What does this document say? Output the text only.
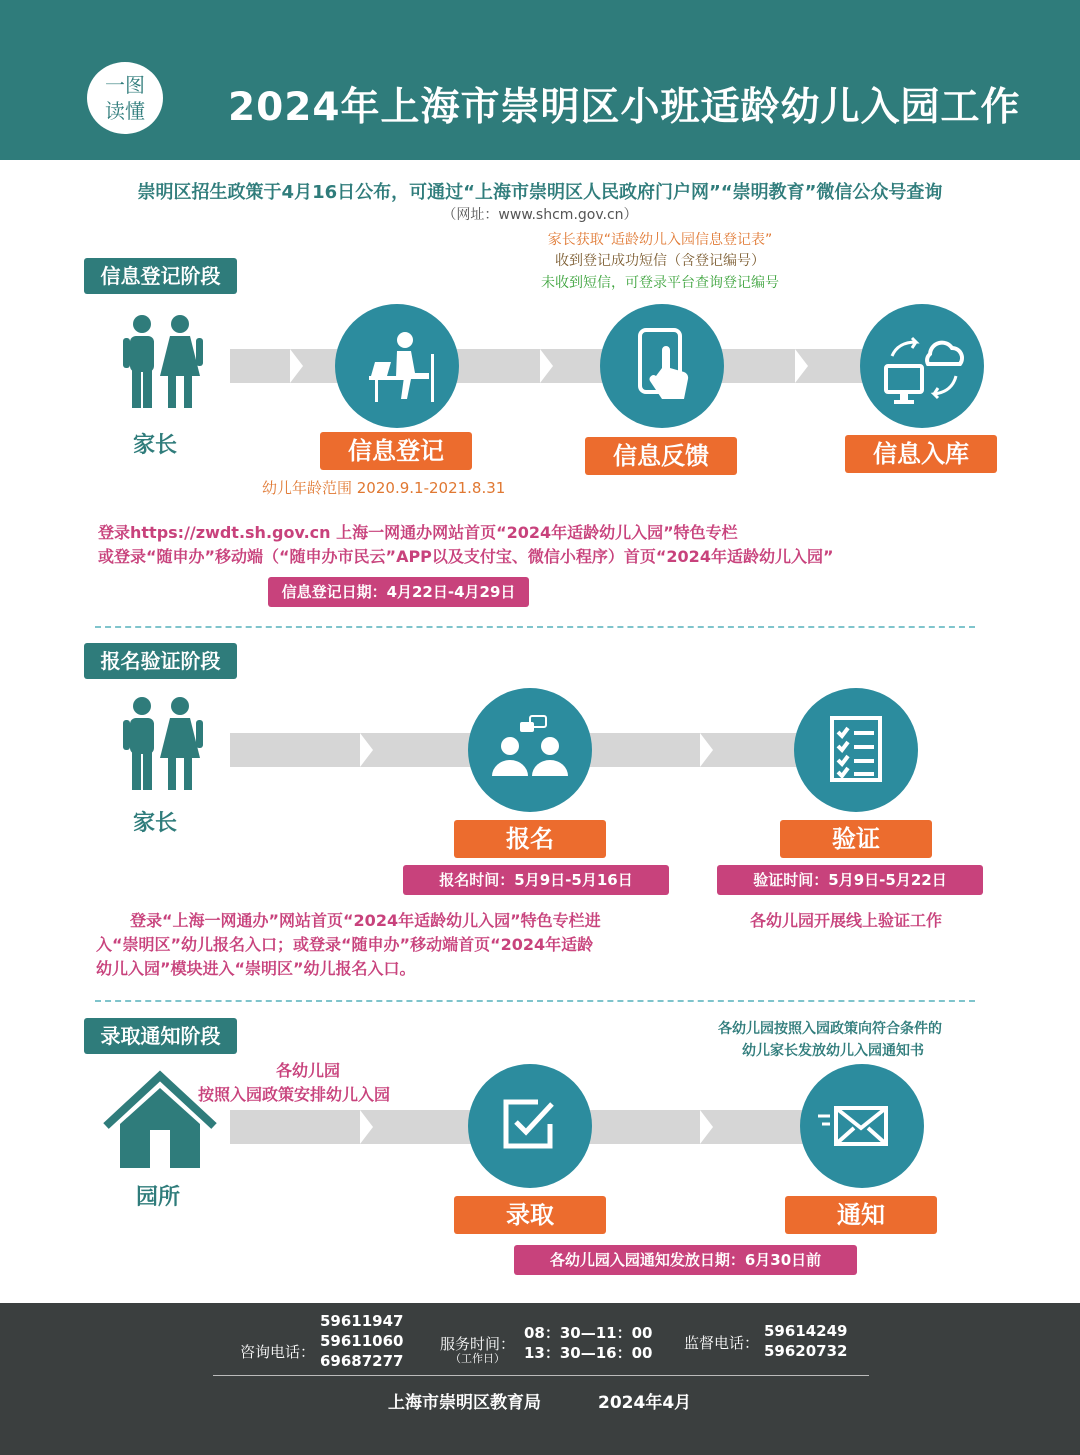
一图
读懂	2024年上海市崇明区小班适龄幼儿入园工作
崇明区招生政策于4月16日公布，可通过“上海市崇明区人民政府门户网”“崇明教育”微信公众号查询
（网址：www.shcm.gov.cn）
家长获取“适龄幼儿入园信息登记表”
收到登记成功短信（含登记编号）
未收到短信，可登录平台查询登记编号
信息登记阶段
家长	信息登记	信息反馈	信息入库
幼儿年龄范围 2020.9.1-2021.8.31
登录https://zwdt.sh.gov.cn 上海一网通办网站首页“2024年适龄幼儿入园”特色专栏
或登录“随申办”移动端（“随申办市民云”APP以及支付宝、微信小程序）首页“2024年适龄幼儿入园”
信息登记日期：4月22日-4月29日
报名验证阶段
家长
报名	验证
报名时间：5月9日-5月16日	验证时间：5月9日-5月22日
登录“上海一网通办”网站首页“2024年适龄幼儿入园”特色专栏进
入“崇明区”幼儿报名入口；或登录“随申办”移动端首页“2024年适龄
幼儿入园”模块进入“崇明区”幼儿报名入口。
各幼儿园开展线上验证工作
录取通知阶段
各幼儿园
按照入园政策安排幼儿入园
各幼儿园按照入园政策向符合条件的
幼儿家长发放幼儿入园通知书
园所
录取	通知
各幼儿园入园通知发放日期：6月30日前
咨询电话：
59611947
59611060
69687277
服务时间：
（工作日）
08：30—11：00
13：30—16：00
监督电话：
59614249
59620732
上海市崇明区教育局	2024年4月
